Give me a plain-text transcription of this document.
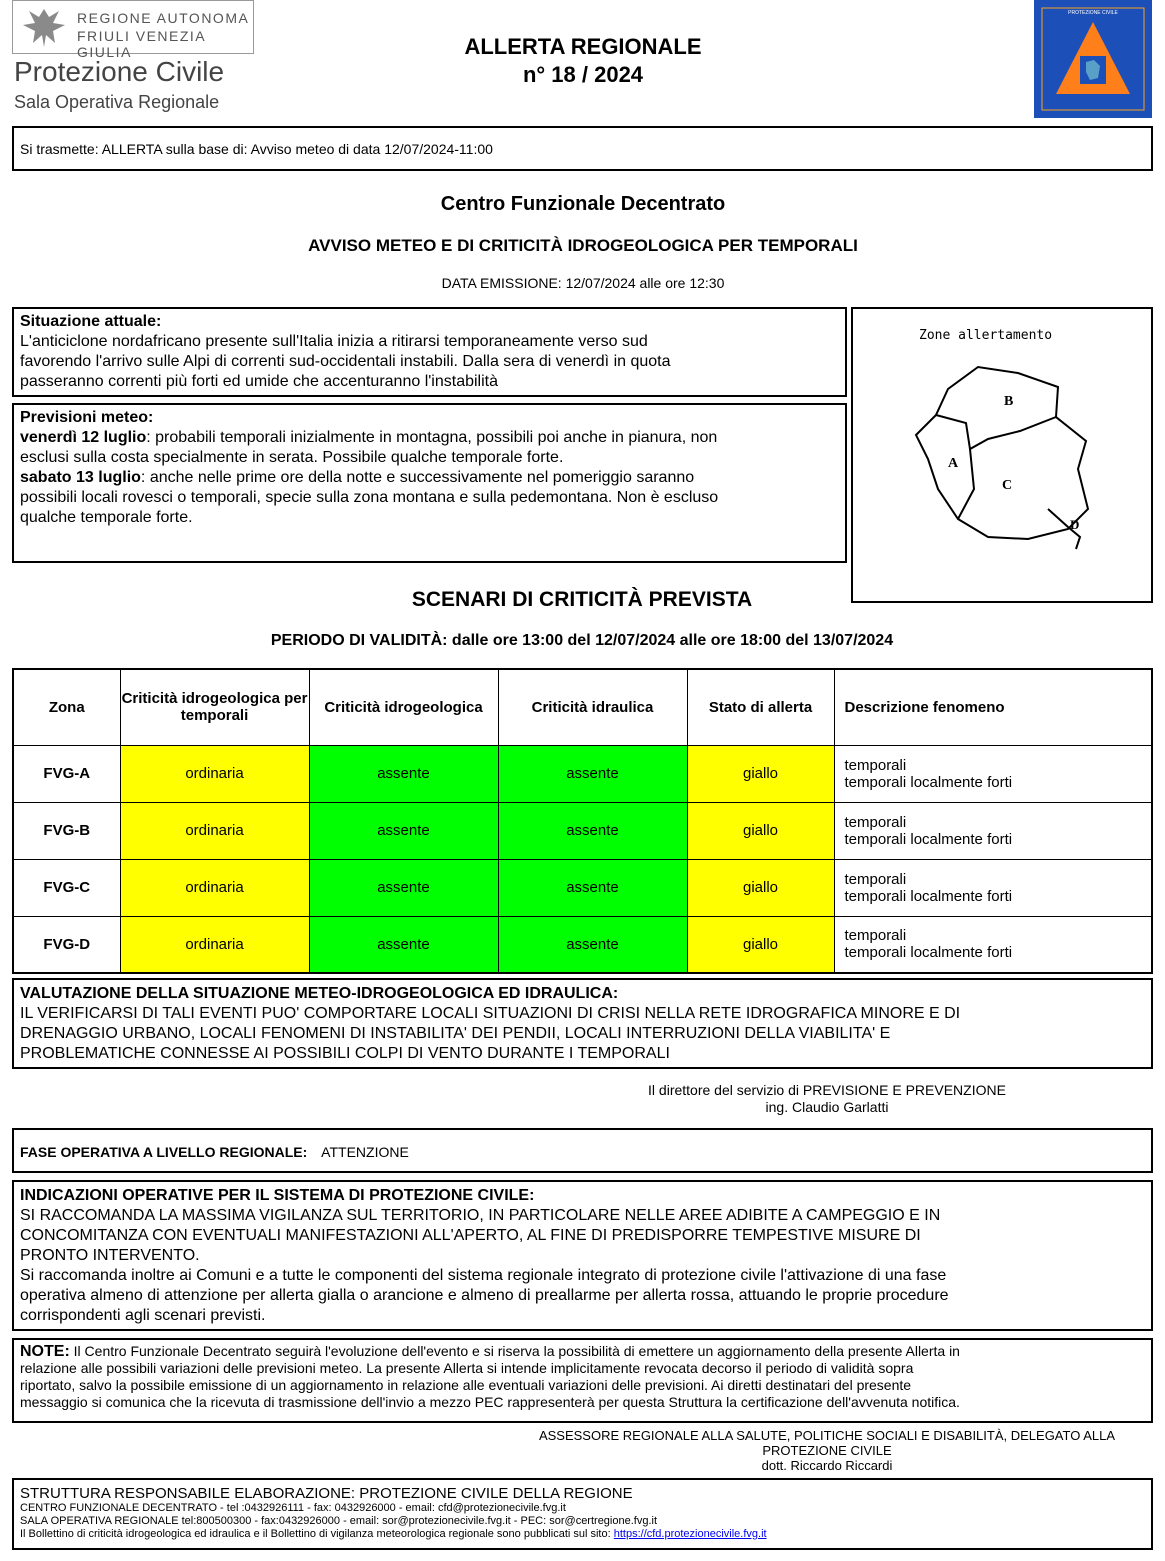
REGIONE AUTONOMA
FRIULI VENEZIA GIULIA
Protezione Civile
Sala Operativa Regionale
ALLERTA REGIONALE
n° 18 / 2024
PROTEZIONE CIVILE
Si trasmette: ALLERTA sulla base di: Avviso meteo di data 12/07/2024-11:00
Centro Funzionale Decentrato
AVVISO METEO E DI CRITICITÀ IDROGEOLOGICA PER TEMPORALI
DATA EMISSIONE: 12/07/2024 alle ore 12:30
Situazione attuale:
L'anticiclone nordafricano presente sull'Italia inizia a ritirarsi temporaneamente verso sud
favorendo l'arrivo sulle Alpi di correnti sud-occidentali instabili. Dalla sera di venerdì in quota
passeranno correnti più forti ed umide che accenturanno l'instabilità
Previsioni meteo:
venerdì 12 luglio: probabili temporali inizialmente in montagna, possibili poi anche in pianura, non
esclusi sulla costa specialmente in serata. Possibile qualche temporale forte.
sabato 13 luglio: anche nelle prime ore della notte e successivamente nel pomeriggio saranno
possibili locali rovesci o temporali, specie sulla zona montana e sulla pedemontana. Non è escluso
qualche temporale forte.
Zone allertamento
B
A
C
D
SCENARI DI CRITICITÀ PREVISTA
PERIODO DI VALIDITÀ: dalle ore 13:00 del 12/07/2024 alle ore 18:00 del 13/07/2024
Zona	Criticità idrogeologica per temporali	Criticità idrogeologica	Criticità idraulica	Stato di allerta	Descrizione fenomeno
FVG-A	ordinaria	assente	assente	giallo	temporali
temporali localmente forti

FVG-B	ordinaria	assente	assente	giallo	temporali
temporali localmente forti

FVG-C	ordinaria	assente	assente	giallo	temporali
temporali localmente forti

FVG-D	ordinaria	assente	assente	giallo	temporali
temporali localmente forti
VALUTAZIONE DELLA SITUAZIONE METEO-IDROGEOLOGICA ED IDRAULICA:
IL VERIFICARSI DI TALI EVENTI PUO' COMPORTARE LOCALI SITUAZIONI DI CRISI NELLA RETE IDROGRAFICA MINORE E DI
DRENAGGIO URBANO, LOCALI FENOMENI DI INSTABILITA' DEI PENDII, LOCALI INTERRUZIONI DELLA VIABILITA' E
PROBLEMATICHE CONNESSE AI POSSIBILI COLPI DI VENTO DURANTE I TEMPORALI
Il direttore del servizio di PREVISIONE E PREVENZIONE
ing. Claudio Garlatti
FASE OPERATIVA A LIVELLO REGIONALE: ATTENZIONE
INDICAZIONI OPERATIVE PER IL SISTEMA DI PROTEZIONE CIVILE:
SI RACCOMANDA LA MASSIMA VIGILANZA SUL TERRITORIO, IN PARTICOLARE NELLE AREE ADIBITE A CAMPEGGIO E IN
CONCOMITANZA CON EVENTUALI MANIFESTAZIONI ALL'APERTO, AL FINE DI PREDISPORRE TEMPESTIVE MISURE DI
PRONTO INTERVENTO.
Si raccomanda inoltre ai Comuni e a tutte le componenti del sistema regionale integrato di protezione civile l'attivazione di una fase
operativa almeno di attenzione per allerta gialla o arancione e almeno di preallarme per allerta rossa, attuando le proprie procedure
corrispondenti agli scenari previsti.
NOTE: Il Centro Funzionale Decentrato seguirà l'evoluzione dell'evento e si riserva la possibilità di emettere un aggiornamento della presente Allerta in
relazione alle possibili variazioni delle previsioni meteo. La presente Allerta si intende implicitamente revocata decorso il periodo di validità sopra
riportato, salvo la possibile emissione di un aggiornamento in relazione alle eventuali variazioni delle previsioni. Ai diretti destinatari del presente
messaggio si comunica che la ricevuta di trasmissione dell'invio a mezzo PEC rappresenterà per questa Struttura la certificazione dell'avvenuta notifica.
ASSESSORE REGIONALE ALLA SALUTE, POLITICHE SOCIALI E DISABILITÀ, DELEGATO ALLA
PROTEZIONE CIVILE
dott. Riccardo Riccardi
STRUTTURA RESPONSABILE ELABORAZIONE: PROTEZIONE CIVILE DELLA REGIONE
CENTRO FUNZIONALE DECENTRATO - tel :0432926111 - fax: 0432926000 - email: cfd@protezionecivile.fvg.it
SALA OPERATIVA REGIONALE tel:800500300 - fax:0432926000 - email: sor@protezionecivile.fvg.it - PEC: sor@certregione.fvg.it
Il Bollettino di criticità idrogeologica ed idraulica e il Bollettino di vigilanza meteorologica regionale sono pubblicati sul sito: https://cfd.protezionecivile.fvg.it
